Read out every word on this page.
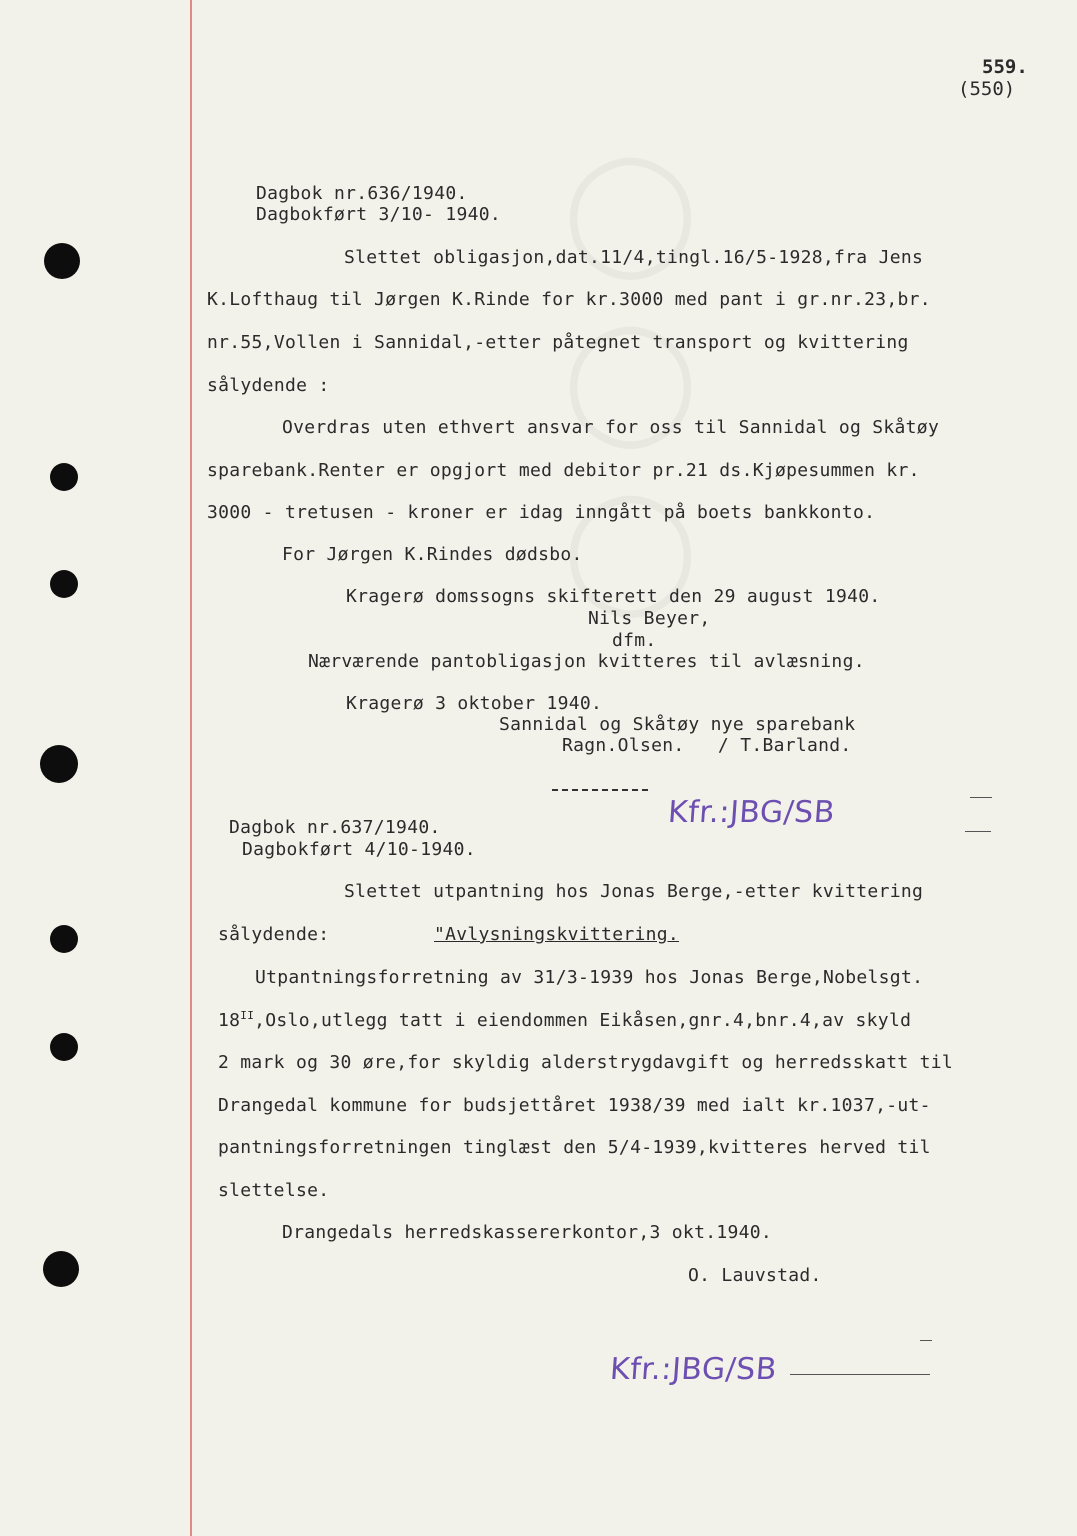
559.
(550)
Dagbok nr.636/1940.
Dagbokført 3/10- 1940.
Slettet obligasjon,dat.11/4,tingl.16/5-1928,fra Jens
K.Lofthaug til Jørgen K.Rinde for kr.3000 med pant i gr.nr.23,br.
nr.55,Vollen i Sannidal,-etter påtegnet transport og kvittering
sålydende :
Overdras uten ethvert ansvar for oss til Sannidal og Skåtøy
sparebank.Renter er opgjort med debitor pr.21 ds.Kjøpesummen kr.
3000 - tretusen - kroner er idag inngått på boets bankkonto.
For Jørgen K.Rindes dødsbo.
Kragerø domssogns skifterett den 29 august 1940.
Nils Beyer,
dfm.
Nærværende pantobligasjon kvitteres til avlæsning.
Kragerø 3 oktober 1940.
Sannidal og Skåtøy nye sparebank
Ragn.Olsen.   / T.Barland.
Kfr.:JBG/SB
Dagbok nr.637/1940.
Dagbokført 4/10-1940.
Slettet utpantning hos Jonas Berge,-etter kvittering
sålydende:	"Avlysningskvittering.
Utpantningsforretning av 31/3-1939 hos Jonas Berge,Nobelsgt.
$18^{II},Oslo,utlegg$ tatt i eiendommen Eikåsen,gnr.4,bnr.4,av skyld
2 mark og 30 øre,for skyldig alderstrygdavgift og herredsskatt til
Drangedal kommune for budsjettåret 1938/39 med ialt kr.1037,-ut-
pantningsforretningen tinglæst den 5/4-1939,kvitteres herved til
slettelse.
Drangedals herredskassererkontor,3 okt.1940.
O. Lauvstad.
Kfr.:JBG/SB
